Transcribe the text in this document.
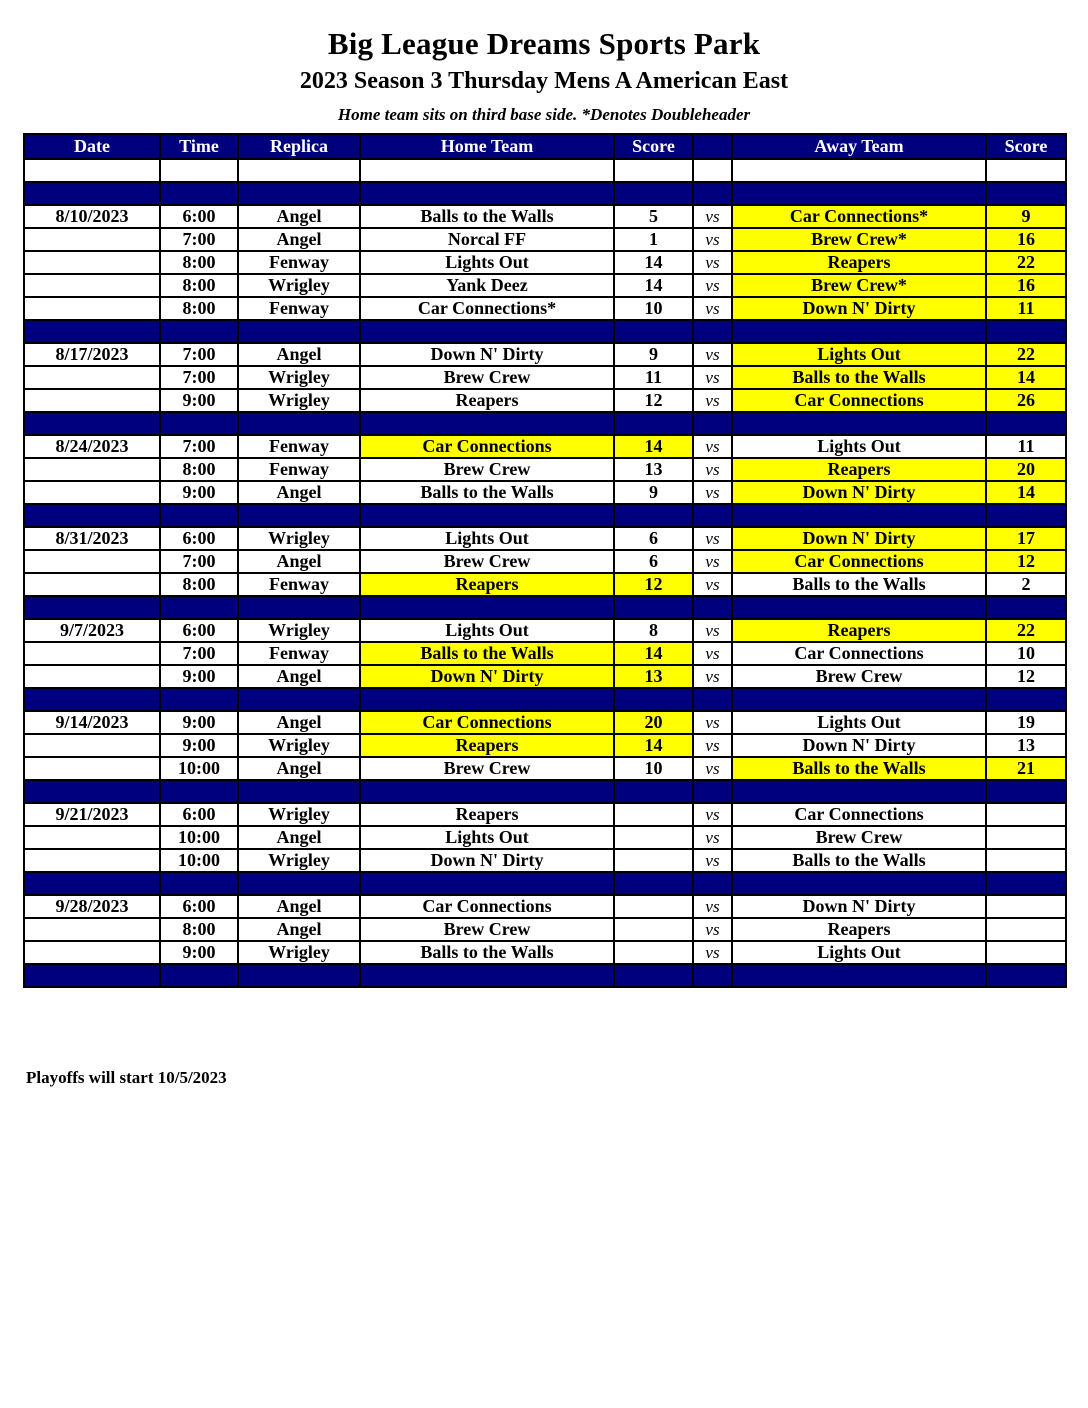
Big League Dreams Sports Park
2023 Season 3 Thursday Mens A American East
Home team sits on third base side. *Denotes Doubleheader
Date	Time	Replica	Home Team	Score		Away Team	Score

8/10/2023	6:00	Angel	Balls to the Walls	5	vs	Car Connections*	9
	7:00	Angel	Norcal FF	1	vs	Brew Crew*	16
	8:00	Fenway	Lights Out	14	vs	Reapers	22
	8:00	Wrigley	Yank Deez	14	vs	Brew Crew*	16
	8:00	Fenway	Car Connections*	10	vs	Down N' Dirty	11

8/17/2023	7:00	Angel	Down N' Dirty	9	vs	Lights Out	22
	7:00	Wrigley	Brew Crew	11	vs	Balls to the Walls	14
	9:00	Wrigley	Reapers	12	vs	Car Connections	26

8/24/2023	7:00	Fenway	Car Connections	14	vs	Lights Out	11
	8:00	Fenway	Brew Crew	13	vs	Reapers	20
	9:00	Angel	Balls to the Walls	9	vs	Down N' Dirty	14

8/31/2023	6:00	Wrigley	Lights Out	6	vs	Down N' Dirty	17
	7:00	Angel	Brew Crew	6	vs	Car Connections	12
	8:00	Fenway	Reapers	12	vs	Balls to the Walls	2

9/7/2023	6:00	Wrigley	Lights Out	8	vs	Reapers	22
	7:00	Fenway	Balls to the Walls	14	vs	Car Connections	10
	9:00	Angel	Down N' Dirty	13	vs	Brew Crew	12

9/14/2023	9:00	Angel	Car Connections	20	vs	Lights Out	19
	9:00	Wrigley	Reapers	14	vs	Down N' Dirty	13
	10:00	Angel	Brew Crew	10	vs	Balls to the Walls	21

9/21/2023	6:00	Wrigley	Reapers		vs	Car Connections	
	10:00	Angel	Lights Out		vs	Brew Crew	
	10:00	Wrigley	Down N' Dirty		vs	Balls to the Walls	

9/28/2023	6:00	Angel	Car Connections		vs	Down N' Dirty	
	8:00	Angel	Brew Crew		vs	Reapers	
	9:00	Wrigley	Balls to the Walls		vs	Lights Out	

Playoffs will start 10/5/2023
